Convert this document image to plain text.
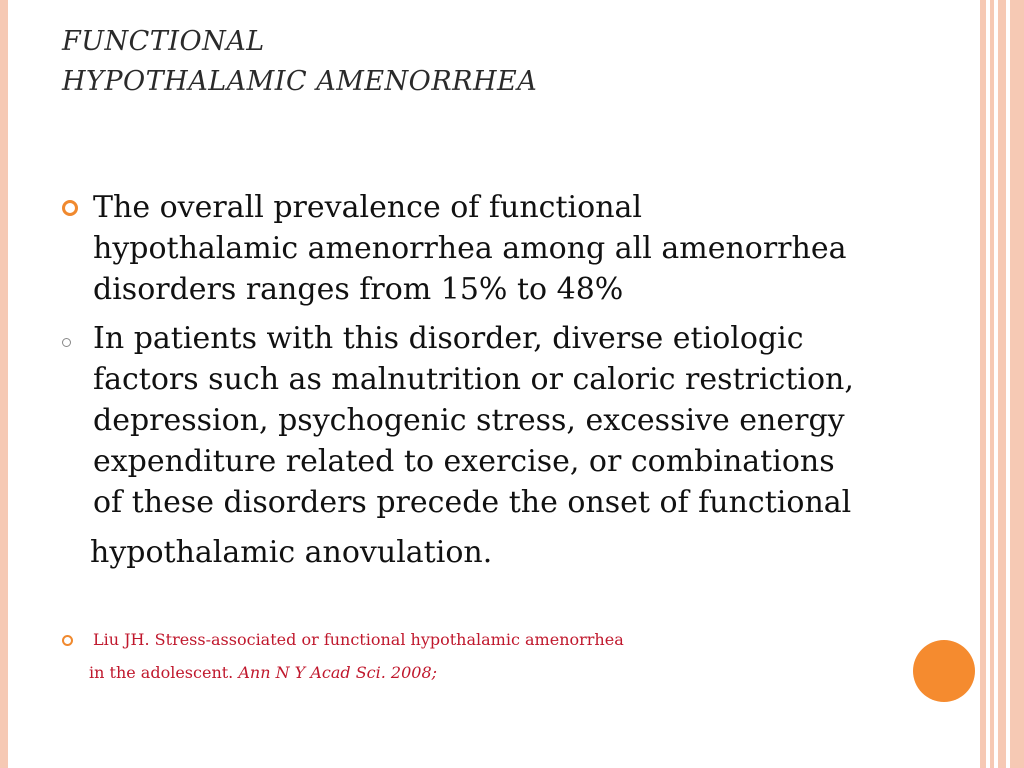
FUNCTIONAL
HYPOTHALAMIC AMENORRHEA
The overall prevalence of functional
hypothalamic amenorrhea among all amenorrhea
disorders ranges from 15% to 48%
In patients with this disorder, diverse etiologic
factors such as malnutrition or caloric restriction,
depression, psychogenic stress, excessive energy
expenditure related to exercise, or combinations
of these disorders precede the onset of functional
hypothalamic anovulation.
Liu JH. Stress-associated or functional hypothalamic amenorrhea
in the adolescent. Ann N Y Acad Sci. 2008;
